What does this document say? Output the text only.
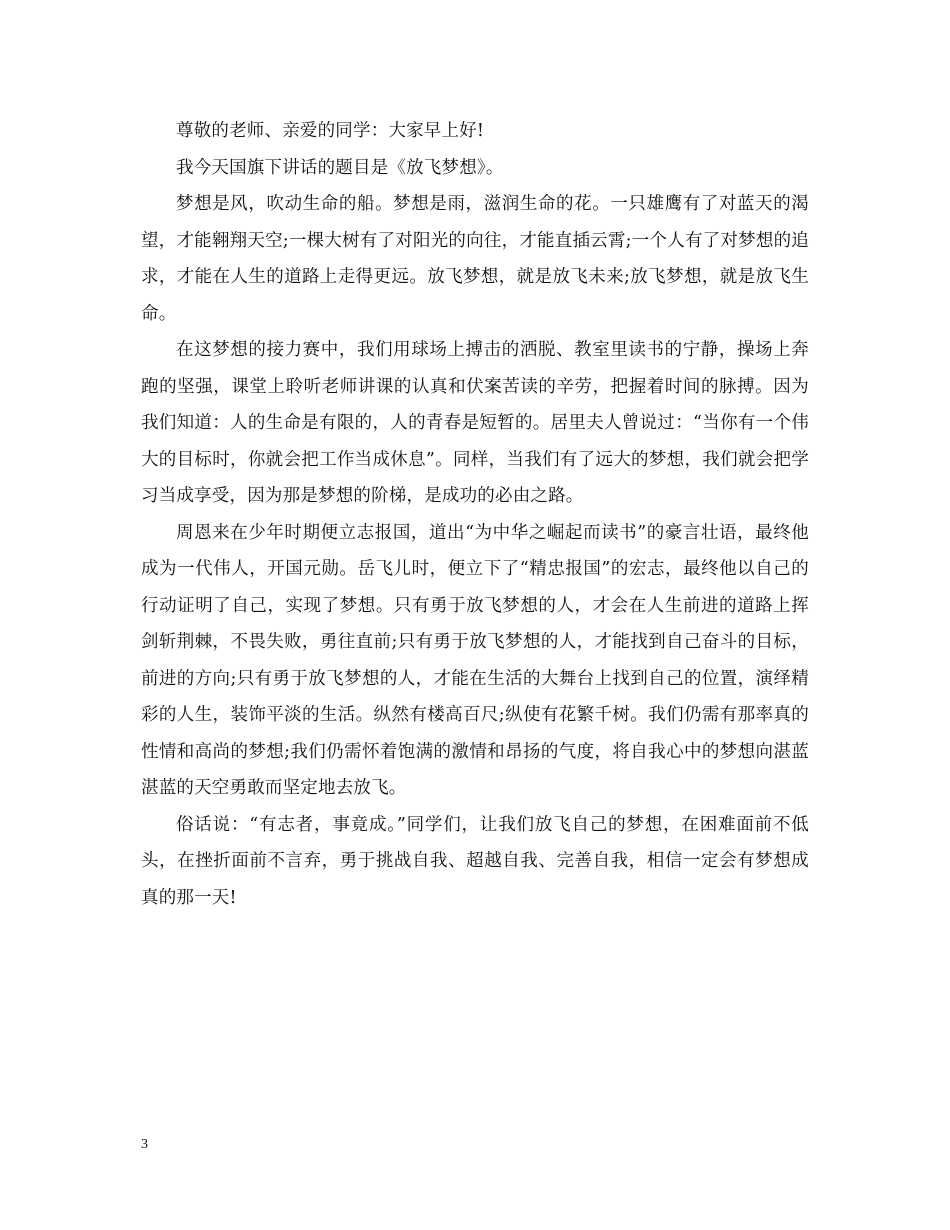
尊敬的老师、亲爱的同学：大家早上好!

我今天国旗下讲话的题目是《放飞梦想》。

梦想是风，吹动生命的船。梦想是雨，滋润生命的花。一只雄鹰有了对蓝天的渴望，才能翱翔天空;一棵大树有了对阳光的向往，才能直插云霄;一个人有了对梦想的追求，才能在人生的道路上走得更远。放飞梦想，就是放飞未来;放飞梦想，就是放飞生命。

在这梦想的接力赛中，我们用球场上搏击的洒脱、教室里读书的宁静，操场上奔跑的坚强，课堂上聆听老师讲课的认真和伏案苦读的辛劳，把握着时间的脉搏。因为我们知道：人的生命是有限的，人的青春是短暂的。居里夫人曾说过：“当你有一个伟大的目标时，你就会把工作当成休息”。同样，当我们有了远大的梦想，我们就会把学习当成享受，因为那是梦想的阶梯，是成功的必由之路。

周恩来在少年时期便立志报国，道出“为中华之崛起而读书”的豪言壮语，最终他成为一代伟人，开国元勋。岳飞儿时，便立下了“精忠报国”的宏志，最终他以自己的行动证明了自己，实现了梦想。只有勇于放飞梦想的人，才会在人生前进的道路上挥剑斩荆棘，不畏失败，勇往直前;只有勇于放飞梦想的人，才能找到自己奋斗的目标，前进的方向;只有勇于放飞梦想的人，才能在生活的大舞台上找到自己的位置，演绎精彩的人生，装饰平淡的生活。纵然有楼高百尺;纵使有花繁千树。我们仍需有那率真的性情和高尚的梦想;我们仍需怀着饱满的激情和昂扬的气度，将自我心中的梦想向湛蓝湛蓝的天空勇敢而坚定地去放飞。

俗话说：“有志者，事竟成。”同学们，让我们放飞自己的梦想，在困难面前不低头，在挫折面前不言弃，勇于挑战自我、超越自我、完善自我，相信一定会有梦想成真的那一天!

3
